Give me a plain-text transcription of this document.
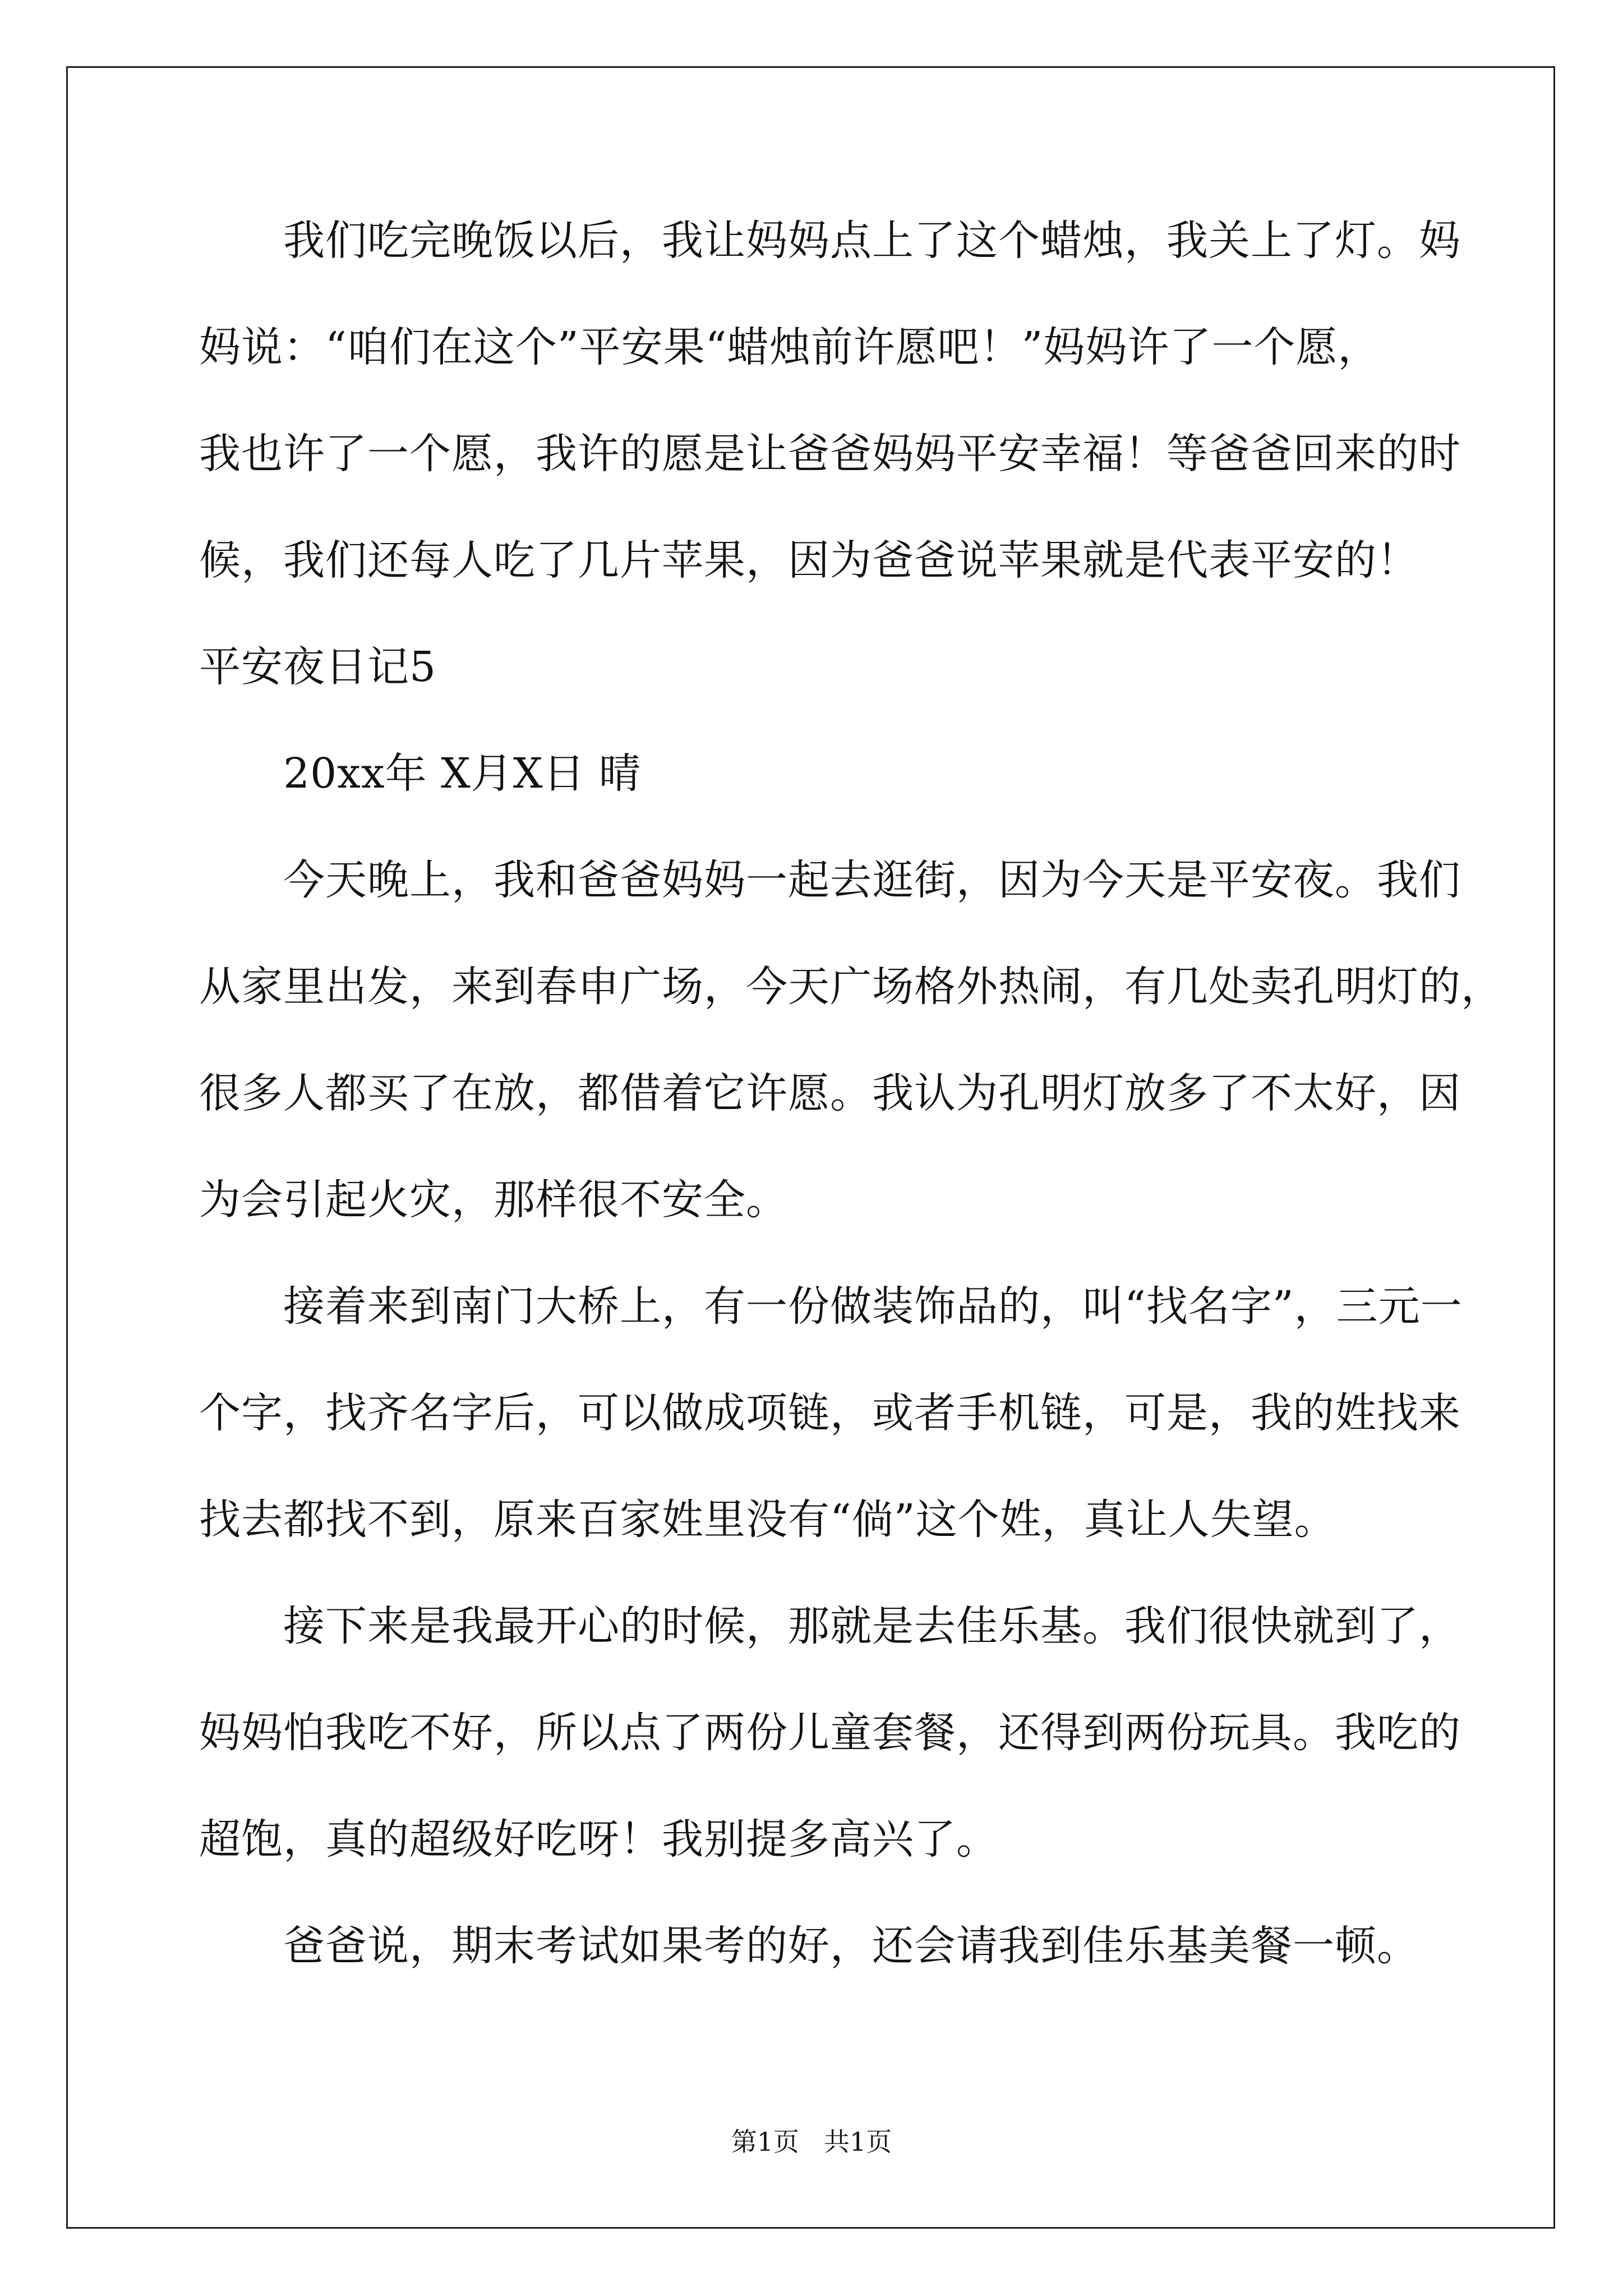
我们吃完晚饭以后，我让妈妈点上了这个蜡烛，我关上了灯。妈

妈说：“咱们在这个”平安果“蜡烛前许愿吧！”妈妈许了一个愿，

我也许了一个愿，我许的愿是让爸爸妈妈平安幸福！等爸爸回来的时

候，我们还每人吃了几片苹果，因为爸爸说苹果就是代表平安的！

平安夜日记5

20xx年 X月X日 晴

今天晚上，我和爸爸妈妈一起去逛街，因为今天是平安夜。我们

从家里出发，来到春申广场，今天广场格外热闹，有几处卖孔明灯的，

很多人都买了在放，都借着它许愿。我认为孔明灯放多了不太好，因

为会引起火灾，那样很不安全。

接着来到南门大桥上，有一份做装饰品的，叫“找名字”，三元一

个字，找齐名字后，可以做成项链，或者手机链，可是，我的姓找来

找去都找不到，原来百家姓里没有“倘”这个姓，真让人失望。

接下来是我最开心的时候，那就是去佳乐基。我们很快就到了，

妈妈怕我吃不好，所以点了两份儿童套餐，还得到两份玩具。我吃的

超饱，真的超级好吃呀！我别提多高兴了。

爸爸说，期末考试如果考的好，还会请我到佳乐基美餐一顿。

第1页 共1页
